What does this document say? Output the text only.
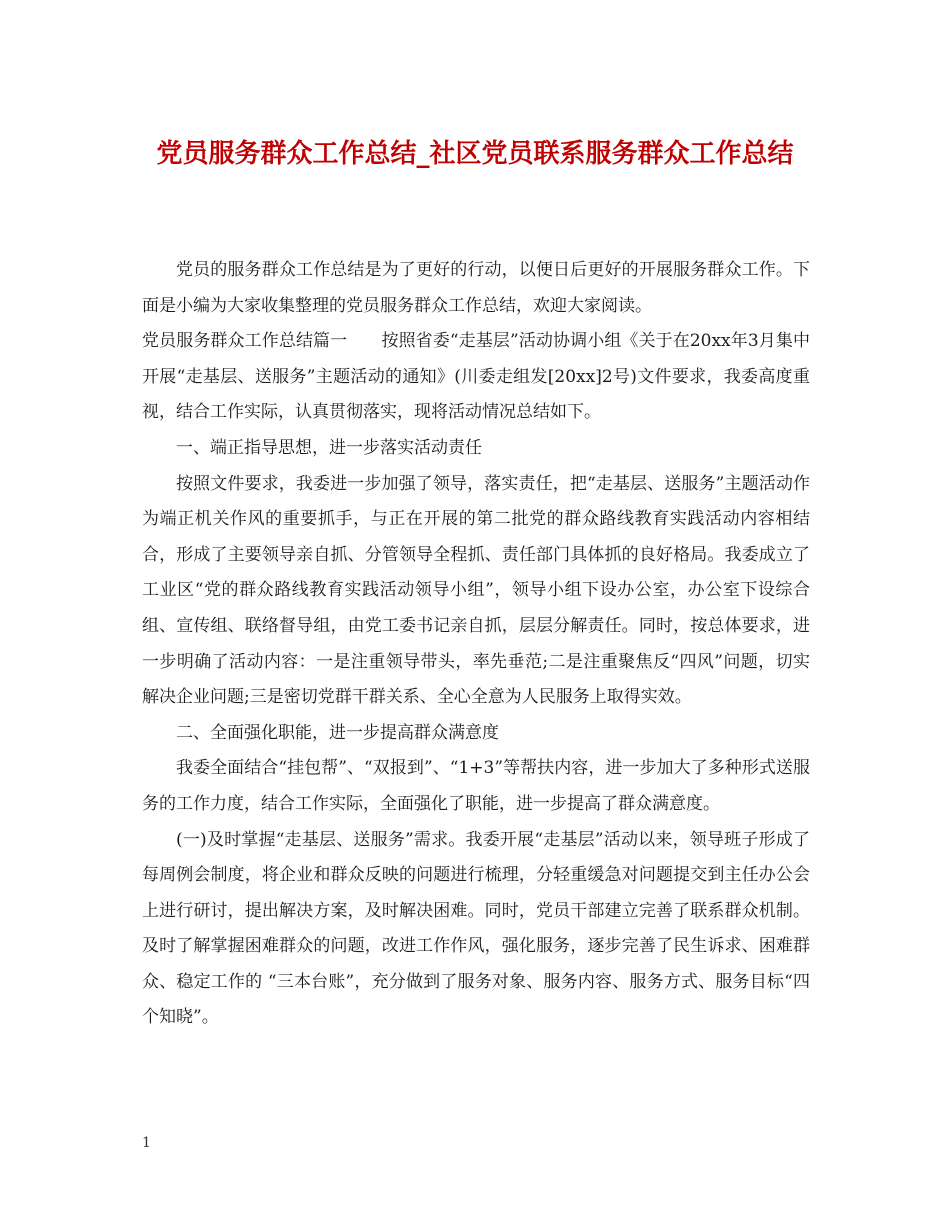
党员服务群众工作总结_社区党员联系服务群众工作总结

党员的服务群众工作总结是为了更好的行动，以便日后更好的开展服务群众工作。下面是小编为大家收集整理的党员服务群众工作总结，欢迎大家阅读。

党员服务群众工作总结篇一　　按照省委“走基层”活动协调小组《关于在20xx年3月集中开展“走基层、送服务”主题活动的通知》(川委走组发[20xx]2号)文件要求，我委高度重视，结合工作实际，认真贯彻落实，现将活动情况总结如下。

一、端正指导思想，进一步落实活动责任

按照文件要求，我委进一步加强了领导，落实责任，把“走基层、送服务”主题活动作为端正机关作风的重要抓手，与正在开展的第二批党的群众路线教育实践活动内容相结合，形成了主要领导亲自抓、分管领导全程抓、责任部门具体抓的良好格局。我委成立了工业区“党的群众路线教育实践活动领导小组”，领导小组下设办公室，办公室下设综合组、宣传组、联络督导组，由党工委书记亲自抓，层层分解责任。同时，按总体要求，进一步明确了活动内容：一是注重领导带头，率先垂范;二是注重聚焦反“四风”问题，切实解决企业问题;三是密切党群干群关系、全心全意为人民服务上取得实效。

二、全面强化职能，进一步提高群众满意度

我委全面结合“挂包帮”、“双报到”、“1+3”等帮扶内容，进一步加大了多种形式送服务的工作力度，结合工作实际，全面强化了职能，进一步提高了群众满意度。

(一)及时掌握“走基层、送服务”需求。我委开展“走基层”活动以来，领导班子形成了每周例会制度，将企业和群众反映的问题进行梳理，分轻重缓急对问题提交到主任办公会上进行研讨，提出解决方案，及时解决困难。同时，党员干部建立完善了联系群众机制。及时了解掌握困难群众的问题，改进工作作风，强化服务，逐步完善了民生诉求、困难群众、稳定工作的 “三本台账”，充分做到了服务对象、服务内容、服务方式、服务目标“四个知晓”。

1
